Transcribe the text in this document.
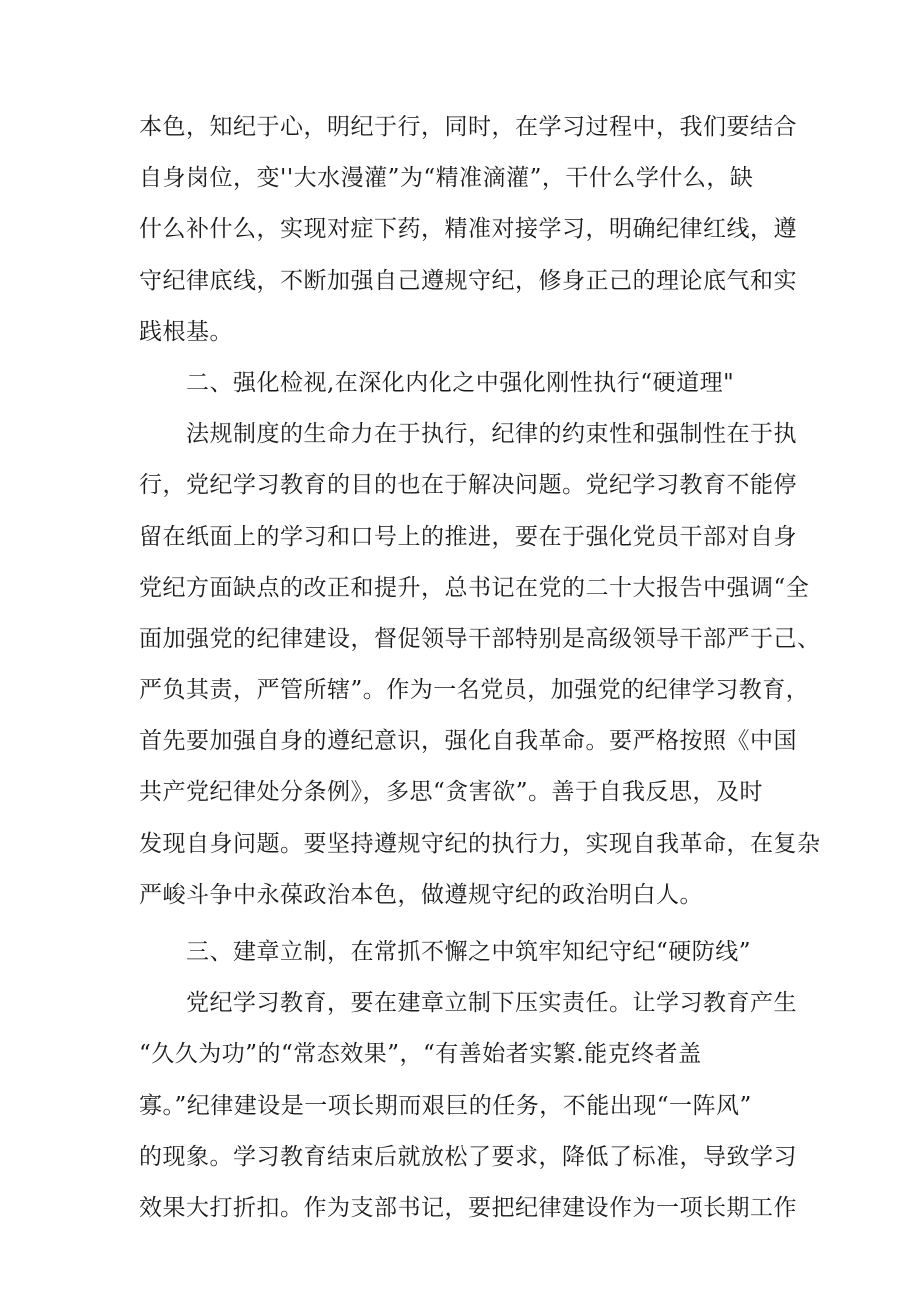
本色，知纪于心，明纪于行，同时，在学习过程中，我们要结合
自身岗位，变''大水漫灌”为“精准滴灌”，干什么学什么，缺
什么补什么，实现对症下药，精准对接学习，明确纪律红线，遵
守纪律底线，不断加强自己遵规守纪，修身正己的理论底气和实
践根基。
二、强化检视,在深化内化之中强化刚性执行“硬道理"
法规制度的生命力在于执行，纪律的约束性和强制性在于执
行，党纪学习教育的目的也在于解决问题。党纪学习教育不能停
留在纸面上的学习和口号上的推进，要在于强化党员干部对自身
党纪方面缺点的改正和提升，总书记在党的二十大报告中强调“全
面加强党的纪律建设，督促领导干部特别是高级领导干部严于己、
严负其责，严管所辖”。作为一名党员，加强党的纪律学习教育，
首先要加强自身的遵纪意识，强化自我革命。要严格按照《中国
共产党纪律处分条例》，多思“贪害欲”。善于自我反思，及时
发现自身问题。要坚持遵规守纪的执行力，实现自我革命，在复杂
严峻斗争中永葆政治本色，做遵规守纪的政治明白人。
三、建章立制，在常抓不懈之中筑牢知纪守纪“硬防线”
党纪学习教育，要在建章立制下压实责任。让学习教育产生
“久久为功”的“常态效果”，“有善始者实繁.能克终者盖
寡。”纪律建设是一项长期而艰巨的任务，不能出现“一阵风”
的现象。学习教育结束后就放松了要求，降低了标准，导致学习
效果大打折扣。作为支部书记，要把纪律建设作为一项长期工作
